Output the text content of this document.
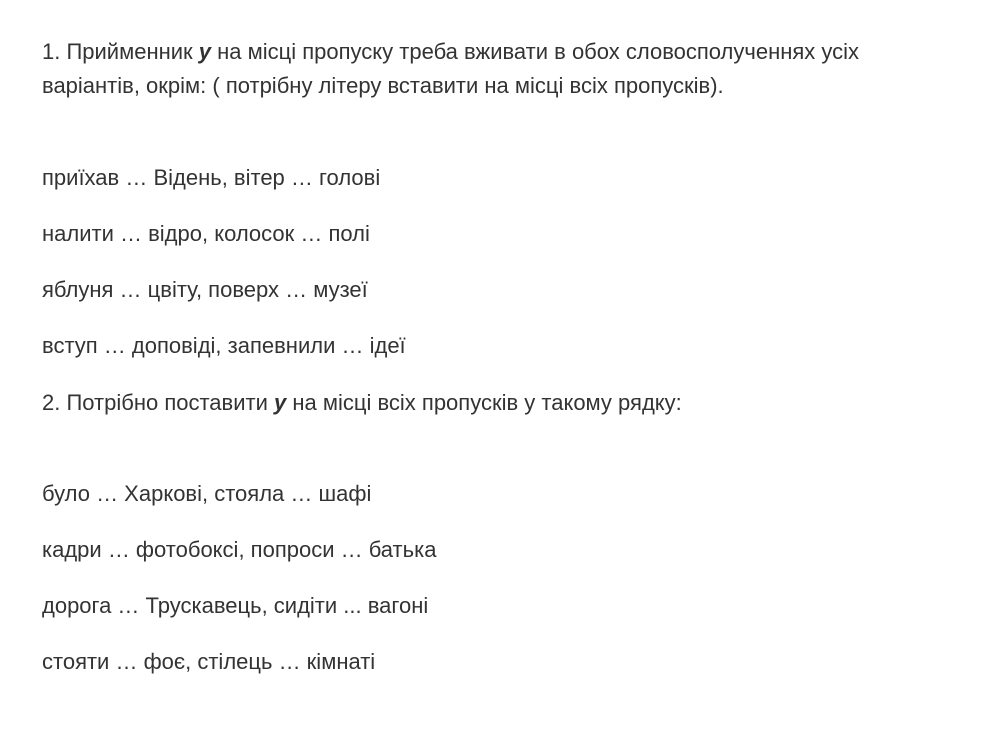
1. Прийменник у на місці пропуску треба вживати в обох словосполученнях усіх
варіантів, окрім: ( потрібну літеру вставити на місці всіх пропусків).
приїхав … Відень, вітер … голові
налити … відро, колосок … полі
яблуня … цвіту, поверх … музеї
вступ … доповіді, запевнили … ідеї
2. Потрібно поставити у на місці всіх пропусків у такому рядку:
було … Харкові, стояла … шафі
кадри … фотобоксі, попроси … батька
дорога … Трускавець, сидіти ... вагоні
стояти … фоє, стілець … кімнаті
